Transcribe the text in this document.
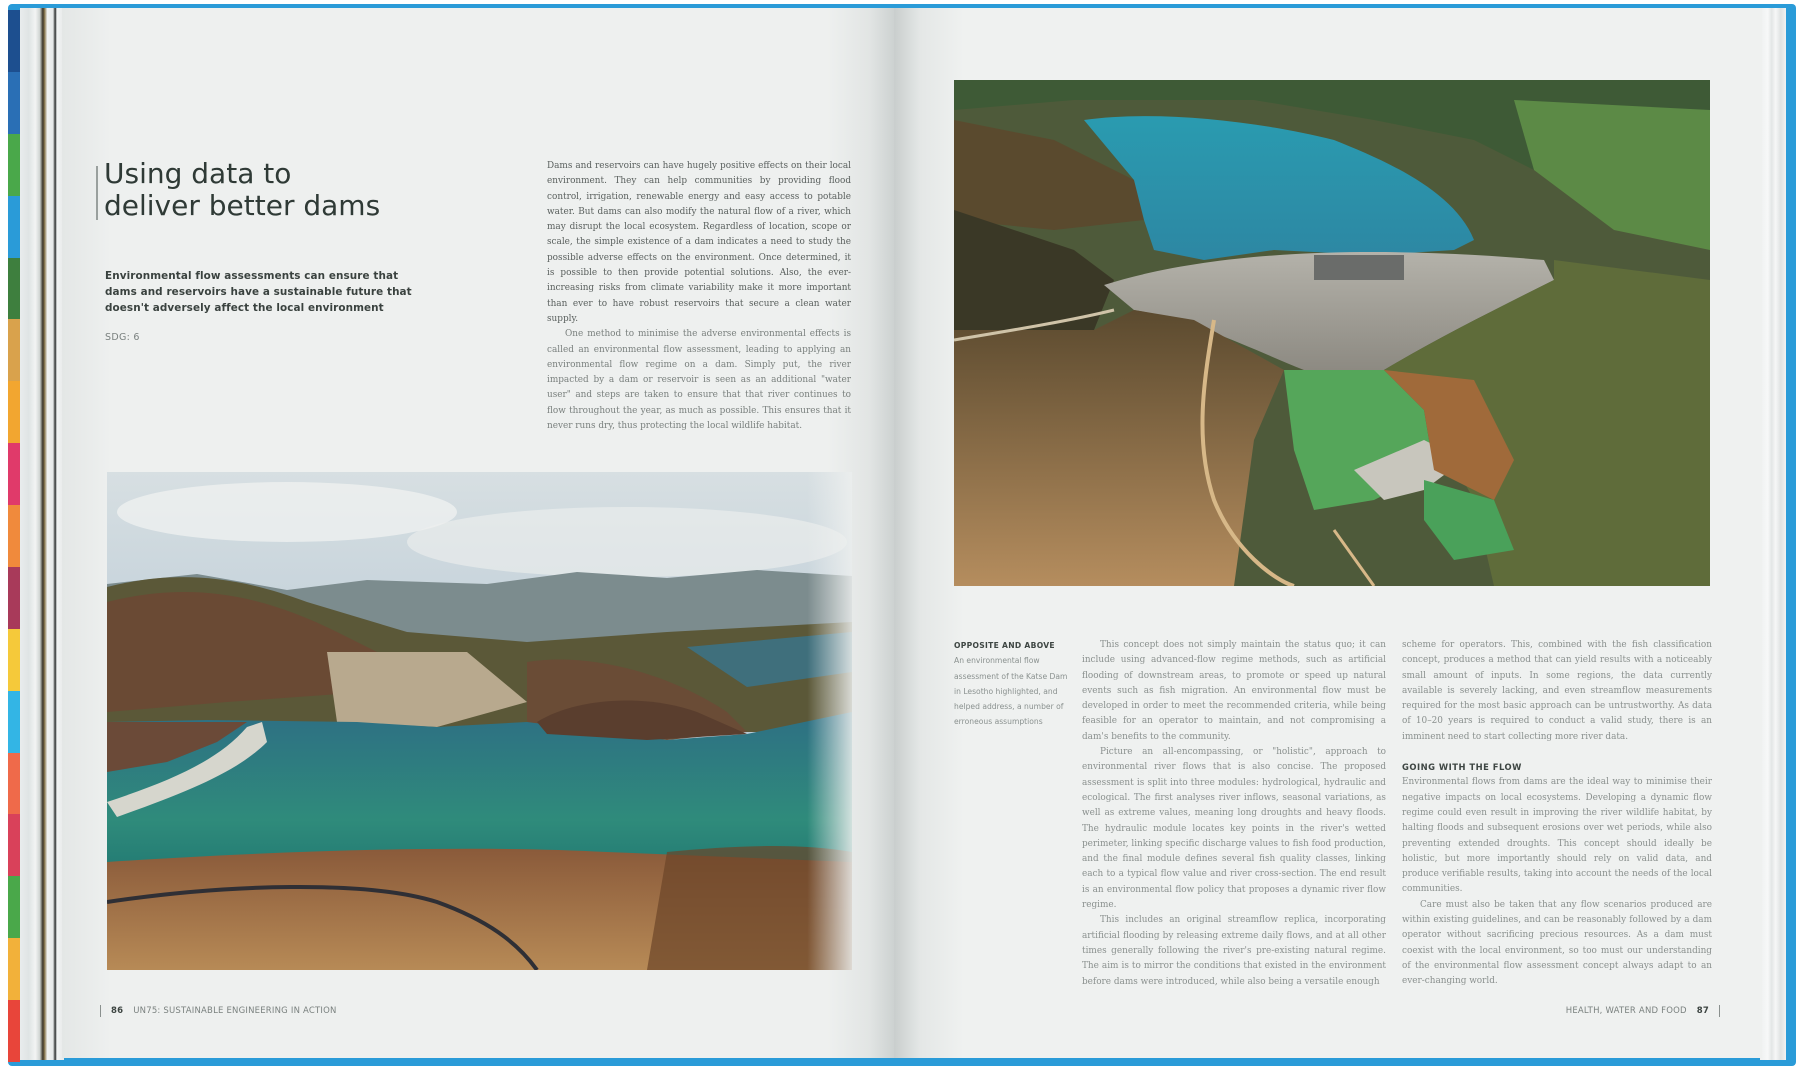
Using data to
deliver better dams

Environmental flow assessments can ensure that dams and reservoirs have a sustainable future that doesn't adversely affect the local environment

SDG: 6

Dams and reservoirs can have hugely positive effects on their local environment. They can help communities by providing flood control, irrigation, renewable energy and easy access to potable water. But dams can also modify the natural flow of a river, which may disrupt the local ecosystem. Regardless of location, scope or scale, the simple existence of a dam indicates a need to study the possible adverse effects on the environment. Once determined, it is possible to then provide potential solutions. Also, the ever-increasing risks from climate variability make it more important than ever to have robust reservoirs that secure a clean water supply.

One method to minimise the adverse environmental effects is called an environmental flow assessment, leading to applying an environmental flow regime on a dam. Simply put, the river impacted by a dam or reservoir is seen as an additional "water user" and steps are taken to ensure that that river continues to flow throughout the year, as much as possible. This ensures that it never runs dry, thus protecting the local wildlife habitat.

86 UN75: SUSTAINABLE ENGINEERING IN ACTION
OPPOSITE AND ABOVE
An environmental flow assessment of the Katse Dam in Lesotho highlighted, and helped address, a number of erroneous assumptions

This concept does not simply maintain the status quo; it can include using advanced-flow regime methods, such as artificial flooding of downstream areas, to promote or speed up natural events such as fish migration. An environmental flow must be developed in order to meet the recommended criteria, while being feasible for an operator to maintain, and not compromising a dam's benefits to the community.

Picture an all-encompassing, or "holistic", approach to environmental river flows that is also concise. The proposed assessment is split into three modules: hydrological, hydraulic and ecological. The first analyses river inflows, seasonal variations, as well as extreme values, meaning long droughts and heavy floods. The hydraulic module locates key points in the river's wetted perimeter, linking specific discharge values to fish food production, and the final module defines several fish quality classes, linking each to a typical flow value and river cross-section. The end result is an environmental flow policy that proposes a dynamic river flow regime.

This includes an original streamflow replica, incorporating artificial flooding by releasing extreme daily flows, and at all other times generally following the river's pre-existing natural regime. The aim is to mirror the conditions that existed in the environment before dams were introduced, while also being a versatile enough

scheme for operators. This, combined with the fish classification concept, produces a method that can yield results with a noticeably small amount of inputs. In some regions, the data currently available is severely lacking, and even streamflow measurements required for the most basic approach can be untrustworthy. As data of 10–20 years is required to conduct a valid study, there is an imminent need to start collecting more river data.

GOING WITH THE FLOW

Environmental flows from dams are the ideal way to minimise their negative impacts on local ecosystems. Developing a dynamic flow regime could even result in improving the river wildlife habitat, by halting floods and subsequent erosions over wet periods, while also preventing extended droughts. This concept should ideally be holistic, but more importantly should rely on valid data, and produce verifiable results, taking into account the needs of the local communities.

Care must also be taken that any flow scenarios produced are within existing guidelines, and can be reasonably followed by a dam operator without sacrificing precious resources. As a dam must coexist with the local environment, so too must our understanding of the environmental flow assessment concept always adapt to an ever-changing world.

HEALTH, WATER AND FOOD 87
